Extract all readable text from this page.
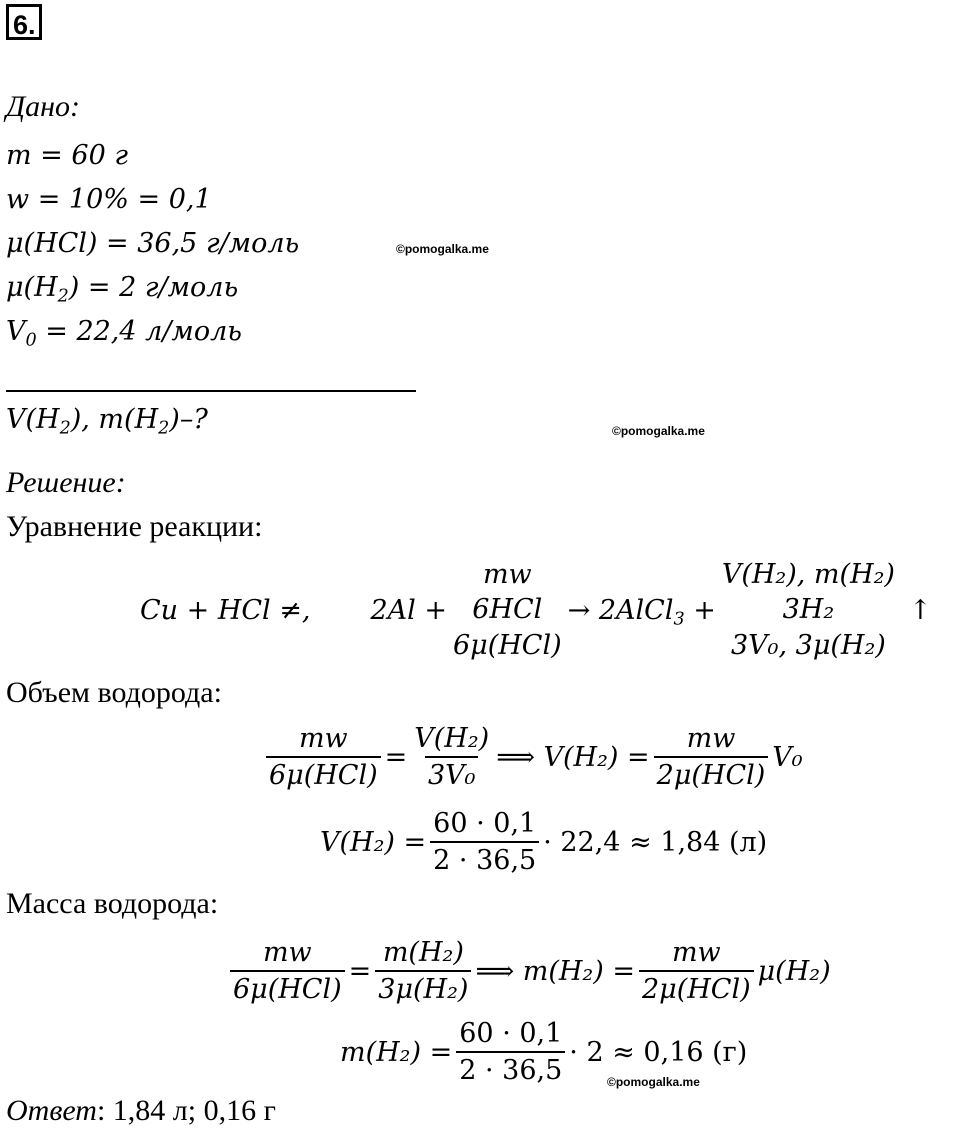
6.
Дано:
m = 60 г
w = 10% = 0,1
μ(HCl) = 36,5 г/моль
$\mu(H_2) = 2$ г/моль
$V_0 = 22,4$ л/моль
$V(H_2)$, $m(H_2)-$?
©pomogalka.me
©pomogalka.me
©pomogalka.me
Решение:
Уравнение реакции:
Cu + HCl ≠, 2Al +
mw
6HCl
6μ(HCl)
→ 2AlCl$_3$ +
V(H₂), m(H₂)
3H₂
3V₀, 3μ(H₂)
↑
Объем водорода:
$\frac{mw}{\text{6μ(HCl)}} = \frac{\text{V(H₂)}}{\text{3V₀}}$ ⟹ $V(H_2) = \frac{mw}{\text{2μ(HCl)}} V_0$
$V(H_2) = \frac{60 \cdot 0,1}{2 \cdot 36,5} \cdot 22,4 \approx 1,84$ (л)
Масса водорода:
$\frac{mw}{\text{6μ(HCl)}} = \frac{\text{m(H₂)}}{\text{3μ(H₂)}}$ ⟹ $m(H_2) = \frac{mw}{\text{2μ(HCl)}} \mu(H_2)$
$m(H_2) = \frac{60 \cdot 0,1}{2 \cdot 36,5} \cdot 2 \approx 0,16$ (г)
Ответ: 1,84 л; 0,16 г
